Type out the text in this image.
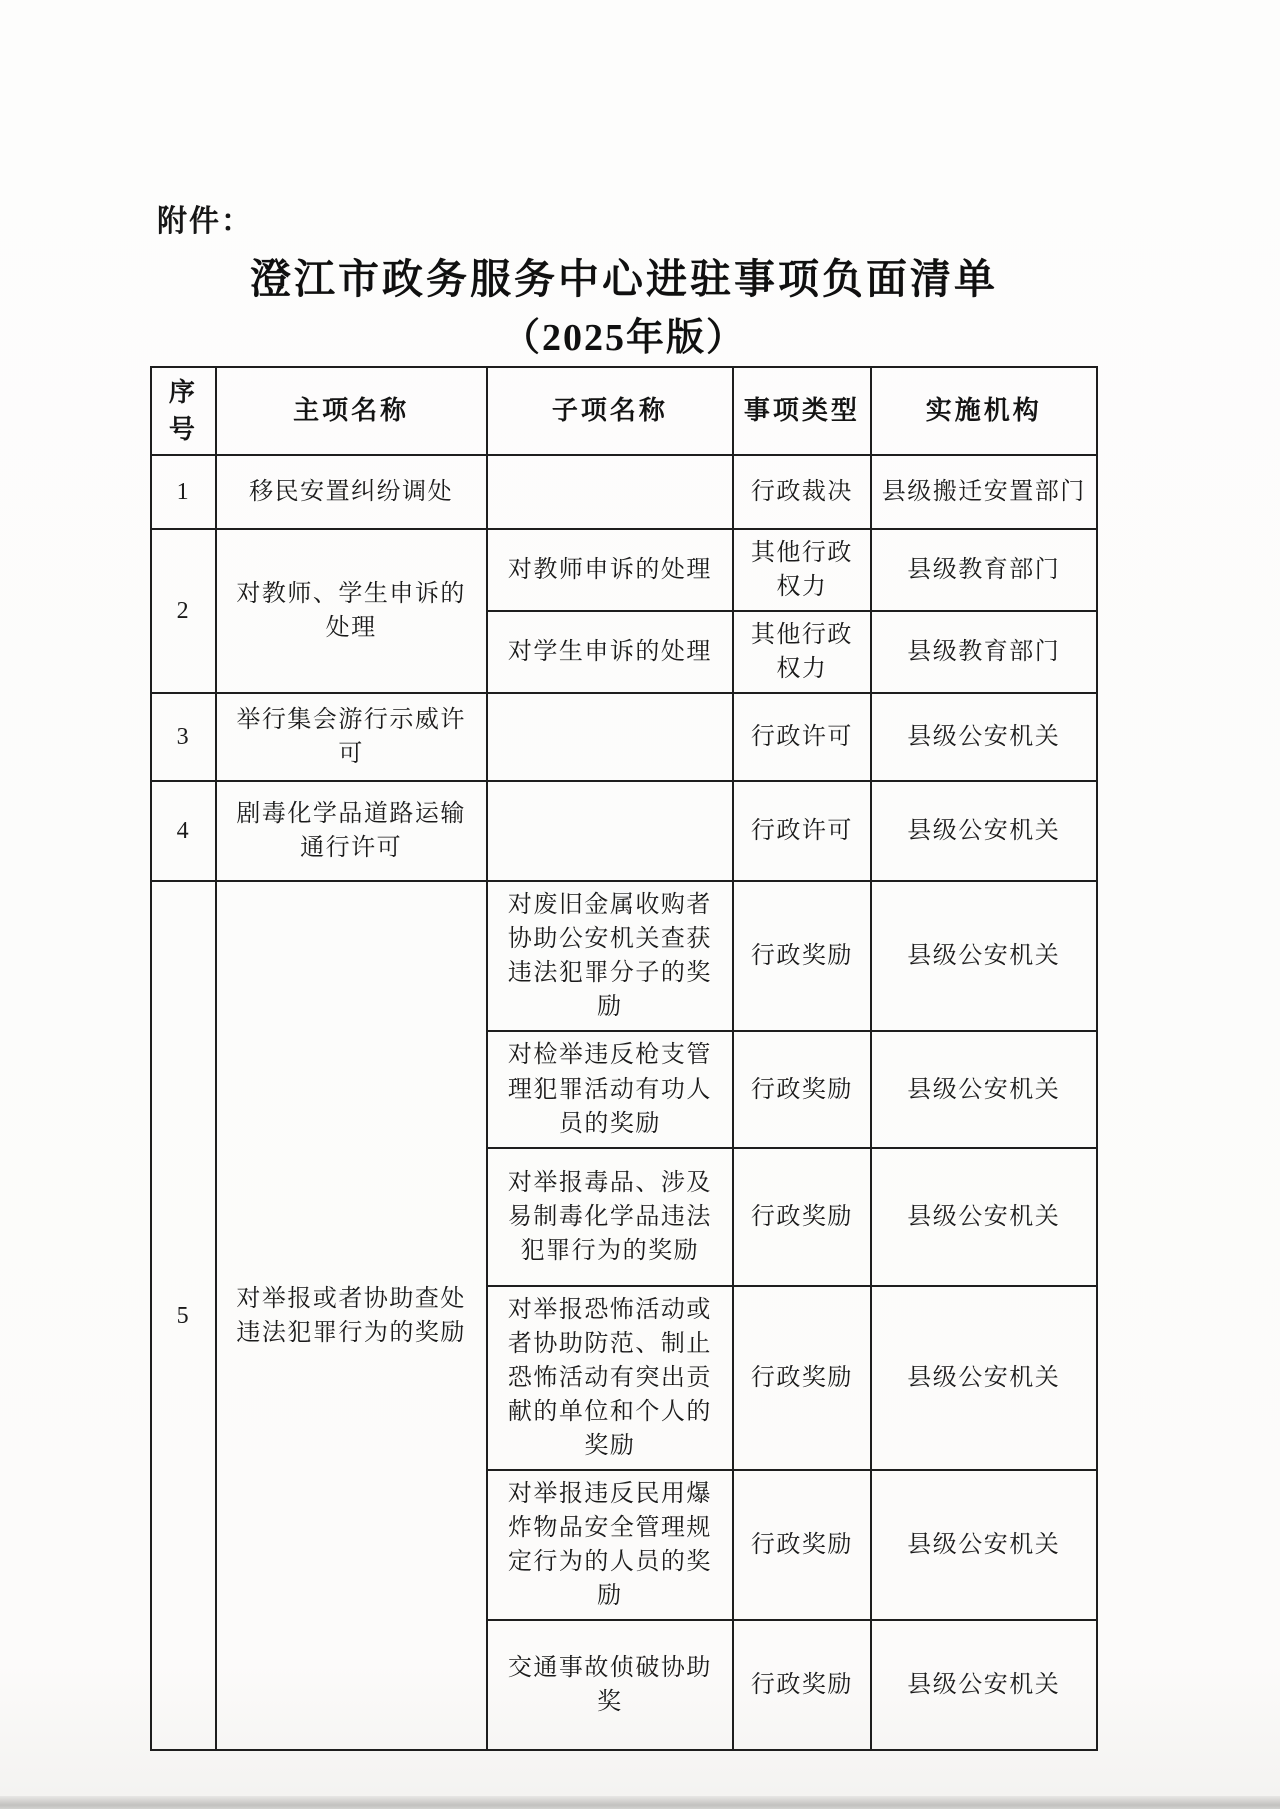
附件：
澄江市政务服务中心进驻事项负面清单
（2025年版）
序号	主项名称	子项名称	事项类型	实施机构
1	移民安置纠纷调处		行政裁决	县级搬迁安置部门
2	对教师、学生申诉的处理	对教师申诉的处理	其他行政权力	县级教育部门
		对学生申诉的处理	其他行政权力	县级教育部门
3	举行集会游行示威许可		行政许可	县级公安机关
4	剧毒化学品道路运输通行许可		行政许可	县级公安机关
5	对举报或者协助查处违法犯罪行为的奖励	对废旧金属收购者协助公安机关查获违法犯罪分子的奖励	行政奖励	县级公安机关
		对检举违反枪支管理犯罪活动有功人员的奖励	行政奖励	县级公安机关
		对举报毒品、涉及易制毒化学品违法犯罪行为的奖励	行政奖励	县级公安机关
		对举报恐怖活动或者协助防范、制止恐怖活动有突出贡献的单位和个人的奖励	行政奖励	县级公安机关
		对举报违反民用爆炸物品安全管理规定行为的人员的奖励	行政奖励	县级公安机关
		交通事故侦破协助奖	行政奖励	县级公安机关
